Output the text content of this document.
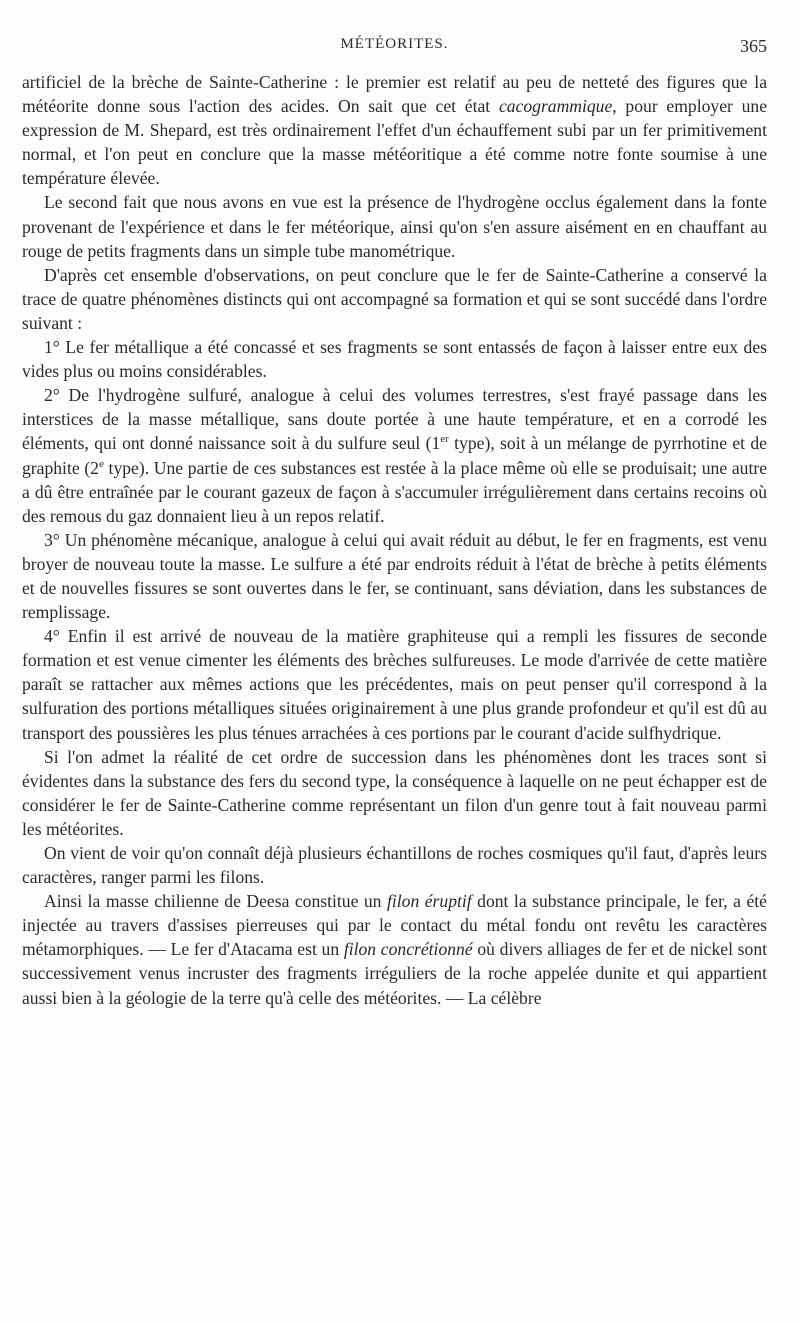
MÉTÉORITES.	365

artificiel de la brèche de Sainte-Catherine : le premier est relatif au peu de netteté des figures que la météorite donne sous l'action des acides. On sait que cet état cacogrammique, pour employer une expression de M. Shepard, est très ordinairement l'effet d'un échauffement subi par un fer primitivement normal, et l'on peut en conclure que la masse météoritique a été comme notre fonte soumise à une température élevée.

Le second fait que nous avons en vue est la présence de l'hydrogène occlus également dans la fonte provenant de l'expérience et dans le fer météorique, ainsi qu'on s'en assure aisément en en chauffant au rouge de petits fragments dans un simple tube manométrique.

D'après cet ensemble d'observations, on peut conclure que le fer de Sainte-Catherine a conservé la trace de quatre phénomènes distincts qui ont accompagné sa formation et qui se sont succédé dans l'ordre suivant :

1° Le fer métallique a été concassé et ses fragments se sont entassés de façon à laisser entre eux des vides plus ou moins considérables.

2° De l'hydrogène sulfuré, analogue à celui des volumes terrestres, s'est frayé passage dans les interstices de la masse métallique, sans doute portée à une haute température, et en a corrodé les éléments, qui ont donné naissance soit à du sulfure seul (1er type), soit à un mélange de pyrrhotine et de graphite (2e type). Une partie de ces substances est restée à la place même où elle se produisait; une autre a dû être entraînée par le courant gazeux de façon à s'accumuler irrégulièrement dans certains recoins où des remous du gaz donnaient lieu à un repos relatif.

3° Un phénomène mécanique, analogue à celui qui avait réduit au début, le fer en fragments, est venu broyer de nouveau toute la masse. Le sulfure a été par endroits réduit à l'état de brèche à petits éléments et de nouvelles fissures se sont ouvertes dans le fer, se continuant, sans déviation, dans les substances de remplissage.

4° Enfin il est arrivé de nouveau de la matière graphiteuse qui a rempli les fissures de seconde formation et est venue cimenter les éléments des brèches sulfureuses. Le mode d'arrivée de cette matière paraît se rattacher aux mêmes actions que les précédentes, mais on peut penser qu'il correspond à la sulfuration des portions métalliques situées originairement à une plus grande profondeur et qu'il est dû au transport des poussières les plus ténues arrachées à ces portions par le courant d'acide sulfhydrique.

Si l'on admet la réalité de cet ordre de succession dans les phénomènes dont les traces sont si évidentes dans la substance des fers du second type, la conséquence à laquelle on ne peut échapper est de considérer le fer de Sainte-Catherine comme représentant un filon d'un genre tout à fait nouveau parmi les météorites.

On vient de voir qu'on connaît déjà plusieurs échantillons de roches cosmiques qu'il faut, d'après leurs caractères, ranger parmi les filons.

Ainsi la masse chilienne de Deesa constitue un filon éruptif dont la substance principale, le fer, a été injectée au travers d'assises pierreuses qui par le contact du métal fondu ont revêtu les caractères métamorphiques. — Le fer d'Atacama est un filon concrétionné où divers alliages de fer et de nickel sont successivement venus incruster des fragments irréguliers de la roche appelée dunite et qui appartient aussi bien à la géologie de la terre qu'à celle des météorites. — La célèbre
